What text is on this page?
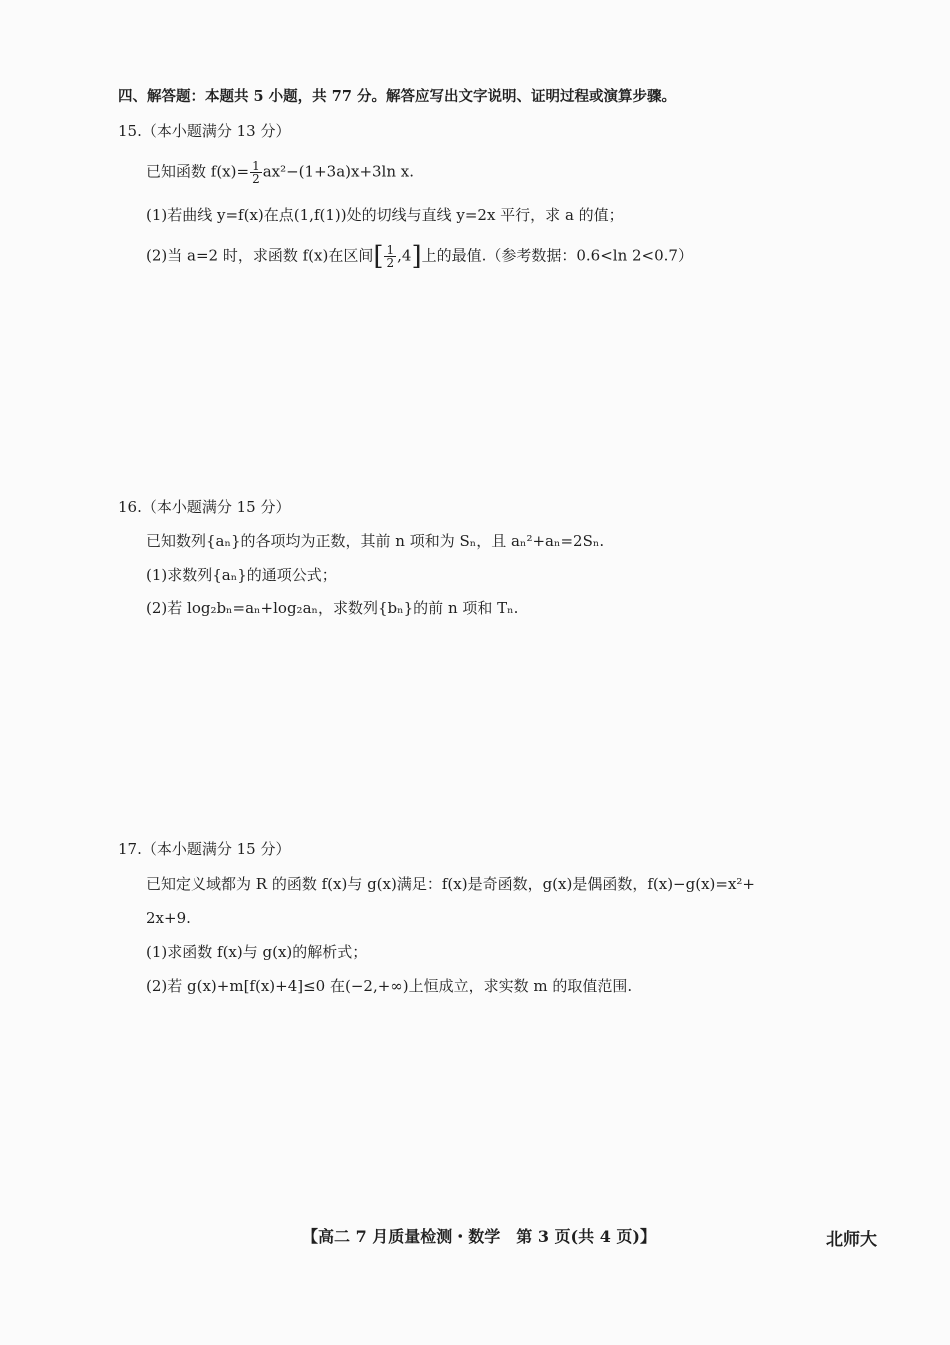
四、解答题：本题共 5 小题，共 77 分。解答应写出文字说明、证明过程或演算步骤。
15.（本小题满分 13 分）
已知函数 $f(x)= \frac{1}{2} ax^2-(1+3a)x+3\ln$ x.
(1)若曲线 y=f(x)在点(1,f(1))处的切线与直线 y=2x 平行，求 a 的值；
(2)当 a=2 时，求函数 f(x)在区间[ $\frac{1}{2} ,4$]上的最值.（参考数据：0.6<ln 2<0.7）
16.（本小题满分 15 分）
已知数列{aₙ}的各项均为正数，其前 n 项和为 Sₙ，且 aₙ²+aₙ=2Sₙ.
(1)求数列{aₙ}的通项公式；
(2)若 log₂bₙ=aₙ+log₂aₙ，求数列{bₙ}的前 n 项和 Tₙ.
17.（本小题满分 15 分）
已知定义域都为 R 的函数 f(x)与 g(x)满足：f(x)是奇函数，g(x)是偶函数，f(x)−g(x)=x²+
2x+9.
(1)求函数 f(x)与 g(x)的解析式；
(2)若 g(x)+m[f(x)+4]≤0 在(−2,+∞)上恒成立，求实数 m 的取值范围.
【高二 7 月质量检测・数学　第 3 页(共 4 页)】	北师大
